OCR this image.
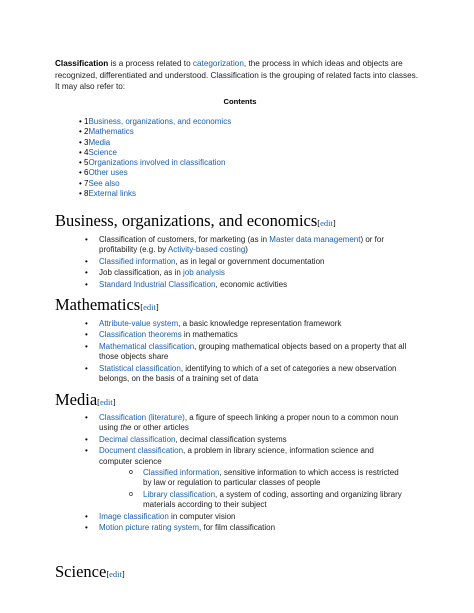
Classification is a process related to categorization, the process in which ideas and objects are recognized, differentiated and understood. Classification is the grouping of related facts into classes. It may also refer to:

Contents
• 1Business, organizations, and economics
• 2Mathematics
• 3Media
• 4Science
• 5Organizations involved in classification
• 6Other uses
• 7See also
• 8External links
Business, organizations, and economics[edit]
• Classification of customers, for marketing (as in Master data management) or for profitability (e.g. by Activity-based costing)
• Classified information, as in legal or government documentation
• Job classification, as in job analysis
• Standard Industrial Classification, economic activities
Mathematics[edit]
• Attribute-value system, a basic knowledge representation framework
• Classification theorems in mathematics
• Mathematical classification, grouping mathematical objects based on a property that all those objects share
• Statistical classification, identifying to which of a set of categories a new observation belongs, on the basis of a training set of data
Media[edit]
• Classification (literature), a figure of speech linking a proper noun to a common noun using the or other articles
• Decimal classification, decimal classification systems
• Document classification, a problem in library science, information science and computer science
o Classified information, sensitive information to which access is restricted by law or regulation to particular classes of people
o Library classification, a system of coding, assorting and organizing library materials according to their subject
• Image classification in computer vision
• Motion picture rating system, for film classification
Science[edit]
